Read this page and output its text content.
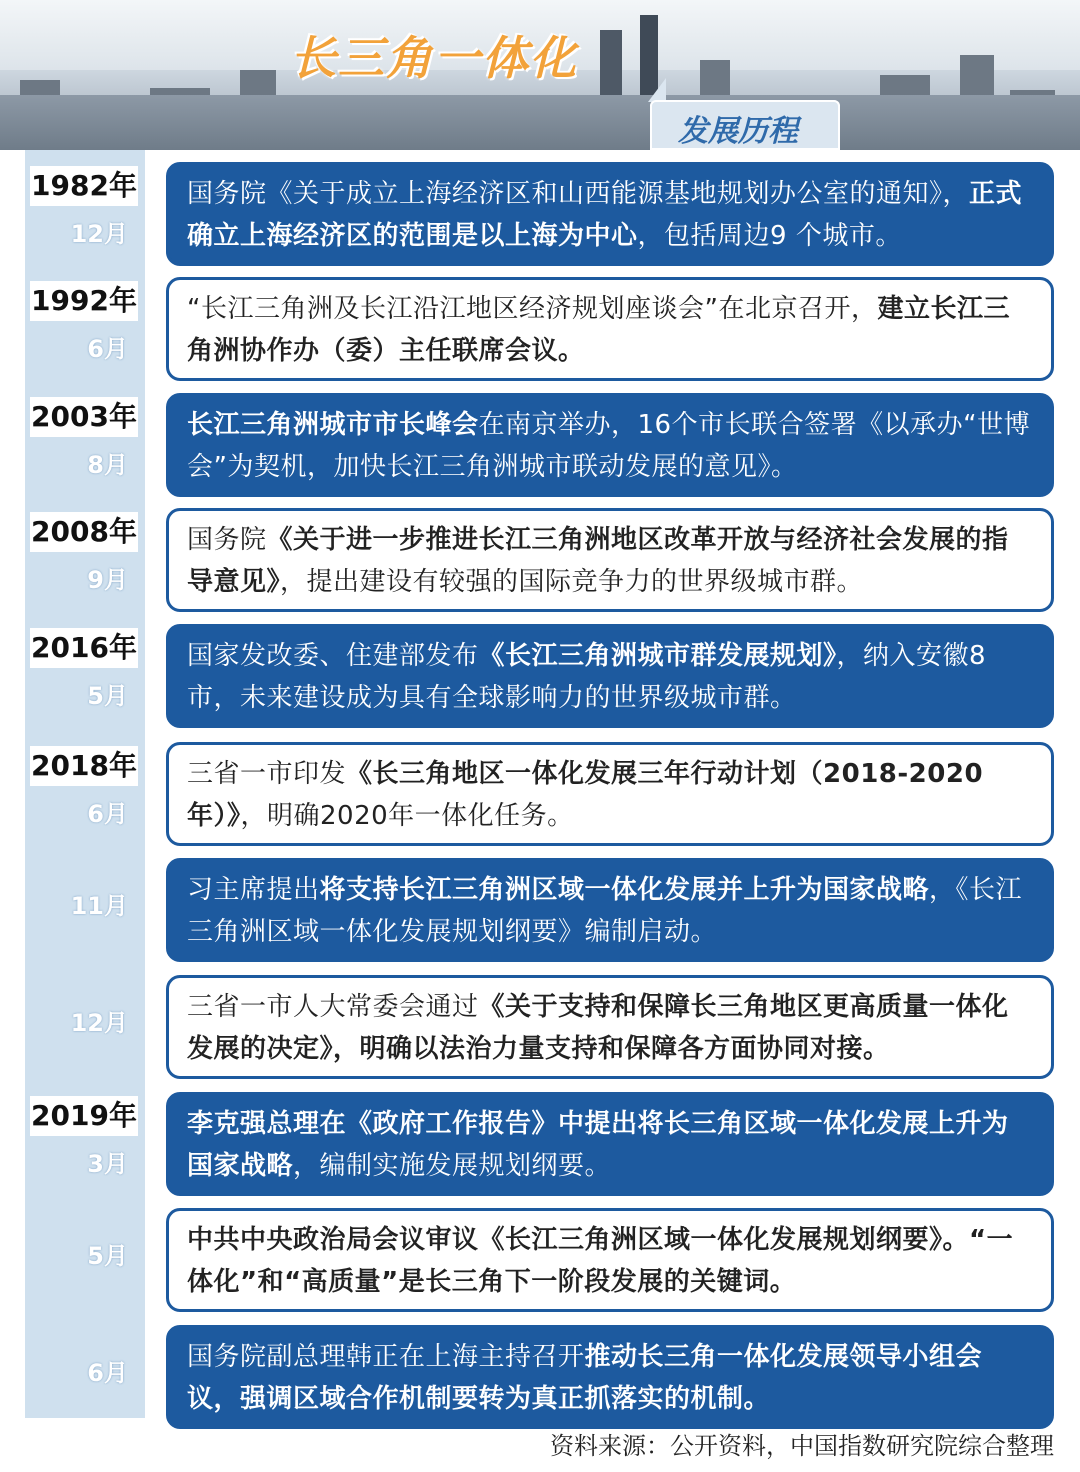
长三角一体化
发展历程
1982年
12月
国务院《关于成立上海经济区和山西能源基地规划办公室的通知》，正式确立上海经济区的范围是以上海为中心，包括周边9 个城市。
1992年
6月
“长江三角洲及长江沿江地区经济规划座谈会”在北京召开，建立长江三角洲协作办（委）主任联席会议。
2003年
8月
长江三角洲城市市长峰会在南京举办，16个市长联合签署《以承办“世博会”为契机，加快长江三角洲城市联动发展的意见》。
2008年
9月
国务院《关于进一步推进长江三角洲地区改革开放与经济社会发展的指导意见》，提出建设有较强的国际竞争力的世界级城市群。
2016年
5月
国家发改委、住建部发布《长江三角洲城市群发展规划》，纳入安徽8市，未来建设成为具有全球影响力的世界级城市群。
2018年
6月
三省一市印发《长三角地区一体化发展三年行动计划（2018-2020年）》，明确2020年一体化任务。
11月
习主席提出将支持长江三角洲区域一体化发展并上升为国家战略，《长江三角洲区域一体化发展规划纲要》编制启动。
12月
三省一市人大常委会通过《关于支持和保障长三角地区更高质量一体化发展的决定》，明确以法治力量支持和保障各方面协同对接。
2019年
3月
李克强总理在《政府工作报告》中提出将长三角区域一体化发展上升为国家战略，编制实施发展规划纲要。
5月
中共中央政治局会议审议《长江三角洲区域一体化发展规划纲要》。“一体化”和“高质量”是长三角下一阶段发展的关键词。
6月
国务院副总理韩正在上海主持召开推动长三角一体化发展领导小组会议，强调区域合作机制要转为真正抓落实的机制。
资料来源：公开资料，中国指数研究院综合整理
